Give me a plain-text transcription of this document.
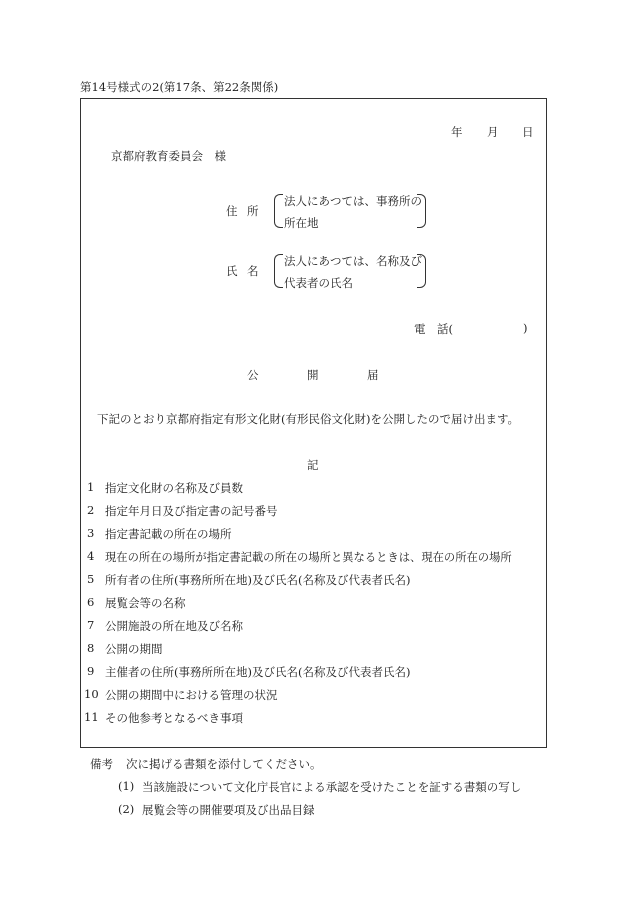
第14号様式の2(第17条、第22条関係)
年 月 日
京都府教育委員会　様
住 所
法人にあつては、事務所の
所在地
氏 名
法人にあつては、名称及び
代表者の氏名
電　話(	)
公	開	届
下記のとおり京都府指定有形文化財(有形民俗文化財)を公開したので届け出ます。
記
1 指定文化財の名称及び員数
2 指定年月日及び指定書の記号番号
3 指定書記載の所在の場所
4 現在の所在の場所が指定書記載の所在の場所と異なるときは、現在の所在の場所
5 所有者の住所(事務所所在地)及び氏名(名称及び代表者氏名)
6 展覧会等の名称
7 公開施設の所在地及び名称
8 公開の期間
9 主催者の住所(事務所所在地)及び氏名(名称及び代表者氏名)
10 公開の期間中における管理の状況
11 その他参考となるべき事項
備考 次に掲げる書類を添付してください。
(1) 当該施設について文化庁長官による承認を受けたことを証する書類の写し
(2) 展覧会等の開催要項及び出品目録
